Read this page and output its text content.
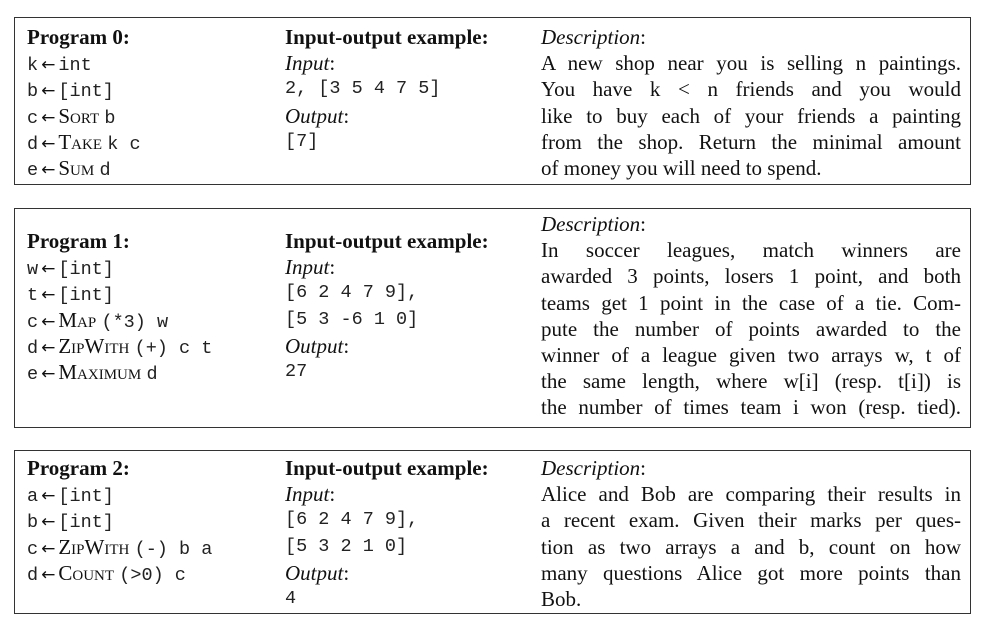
Program 0:
k ← int
b ← [int]
c ← Sort b
d ← Take k c
e ← Sum d
Input-output example:
Input:
2, [3 5 4 7 5]
Output:
[7]
Description:
A new shop near you is selling n paintings.
You have k < n friends and you would
like to buy each of your friends a painting
from the shop. Return the minimal amount
of money you will need to spend.
Program 1:
w ← [int]
t ← [int]
c ← Map (*3) w
d ← ZipWith (+) c t
e ← Maximum d
Input-output example:
Input:
[6 2 4 7 9],
[5 3 -6 1 0]
Output:
27
Description:
In soccer leagues, match winners are
awarded 3 points, losers 1 point, and both
teams get 1 point in the case of a tie. Com-
pute the number of points awarded to the
winner of a league given two arrays w, t of
the same length, where w[i] (resp. t[i]) is
the number of times team i won (resp. tied).
Program 2:
a ← [int]
b ← [int]
c ← ZipWith (-) b a
d ← Count (>0) c
Input-output example:
Input:
[6 2 4 7 9],
[5 3 2 1 0]
Output:
4
Description:
Alice and Bob are comparing their results in
a recent exam. Given their marks per ques-
tion as two arrays a and b, count on how
many questions Alice got more points than
Bob.
